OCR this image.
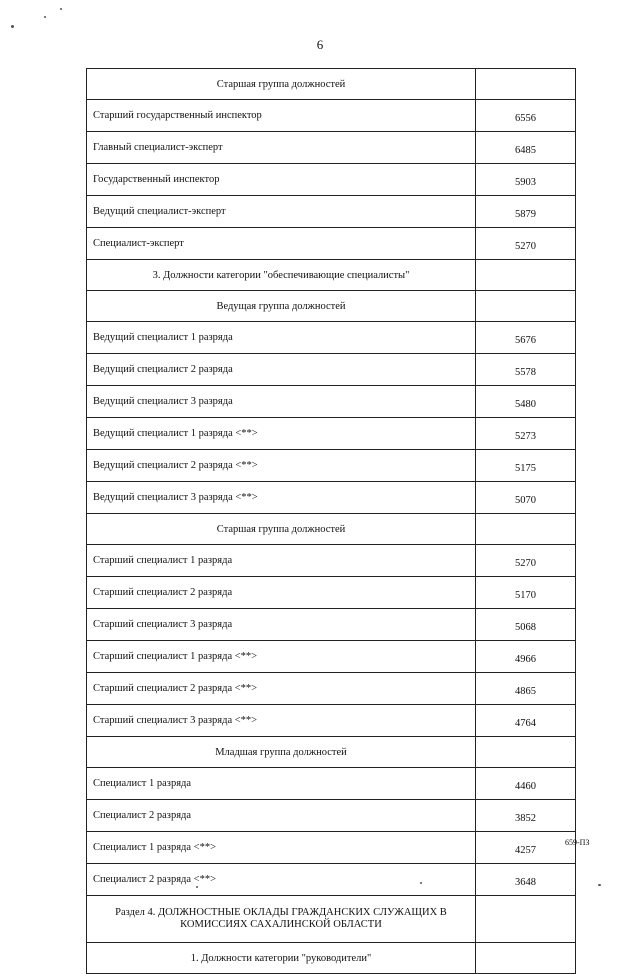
6
Старшая группа должностей	
Старший государственный инспектор	6556
Главный специалист-эксперт	6485
Государственный инспектор	5903
Ведущий специалист-эксперт	5879
Специалист-эксперт	5270
3. Должности категории "обеспечивающие специалисты"	
Ведущая группа должностей	
Ведущий специалист 1 разряда	5676
Ведущий специалист 2 разряда	5578
Ведущий специалист 3 разряда	5480
Ведущий специалист 1 разряда <**>	5273
Ведущий специалист 2 разряда <**>	5175
Ведущий специалист 3 разряда <**>	5070
Старшая группа должностей	
Старший специалист 1 разряда	5270
Старший специалист 2 разряда	5170
Старший специалист 3 разряда	5068
Старший специалист 1 разряда <**>	4966
Старший специалист 2 разряда <**>	4865
Старший специалист 3 разряда <**>	4764
Младшая группа должностей	
Специалист 1 разряда	4460
Специалист 2 разряда	3852
Специалист 1 разряда <**>	4257
Специалист 2 разряда <**>	3648
Раздел 4. ДОЛЖНОСТНЫЕ ОКЛАДЫ ГРАЖДАНСКИХ СЛУЖАЩИХ В КОМИССИЯХ САХАЛИНСКОЙ ОБЛАСТИ	
1. Должности категории "руководители"	
659-ПЗ
